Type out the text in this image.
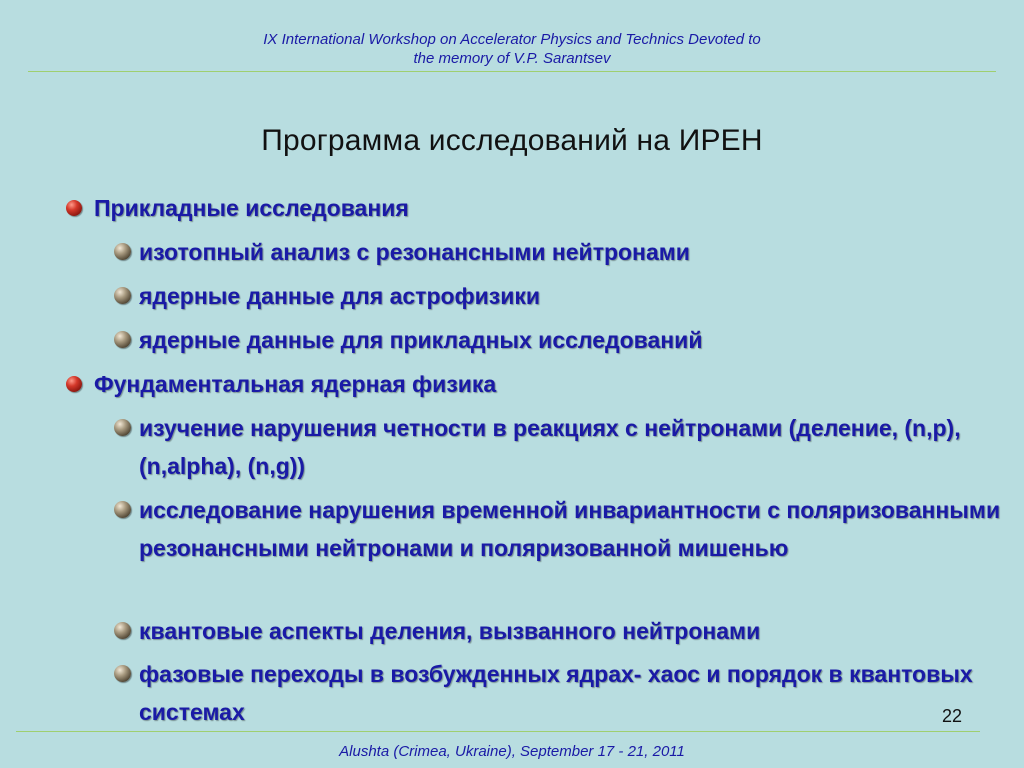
IX International Workshop on Accelerator Physics and Technics Devoted to
the memory of V.P. Sarantsev
Программа исследований на ИРЕН
Прикладные исследования
изотопный анализ с резонансными нейтронами
ядерные данные для астрофизики
ядерные данные для прикладных исследований
Фундаментальная ядерная физика
изучение нарушения четности в реакциях с нейтронами (деление, (n,p), (n,alpha), (n,g))
исследование нарушения временной инвариантности с поляризованными резонансными нейтронами и поляризованной мишенью
квантовые аспекты деления, вызванного нейтронами
фазовые переходы в возбужденных ядрах- хаос и порядок в квантовых системах	22
Alushta (Crimea, Ukraine), September 17 - 21, 2011
